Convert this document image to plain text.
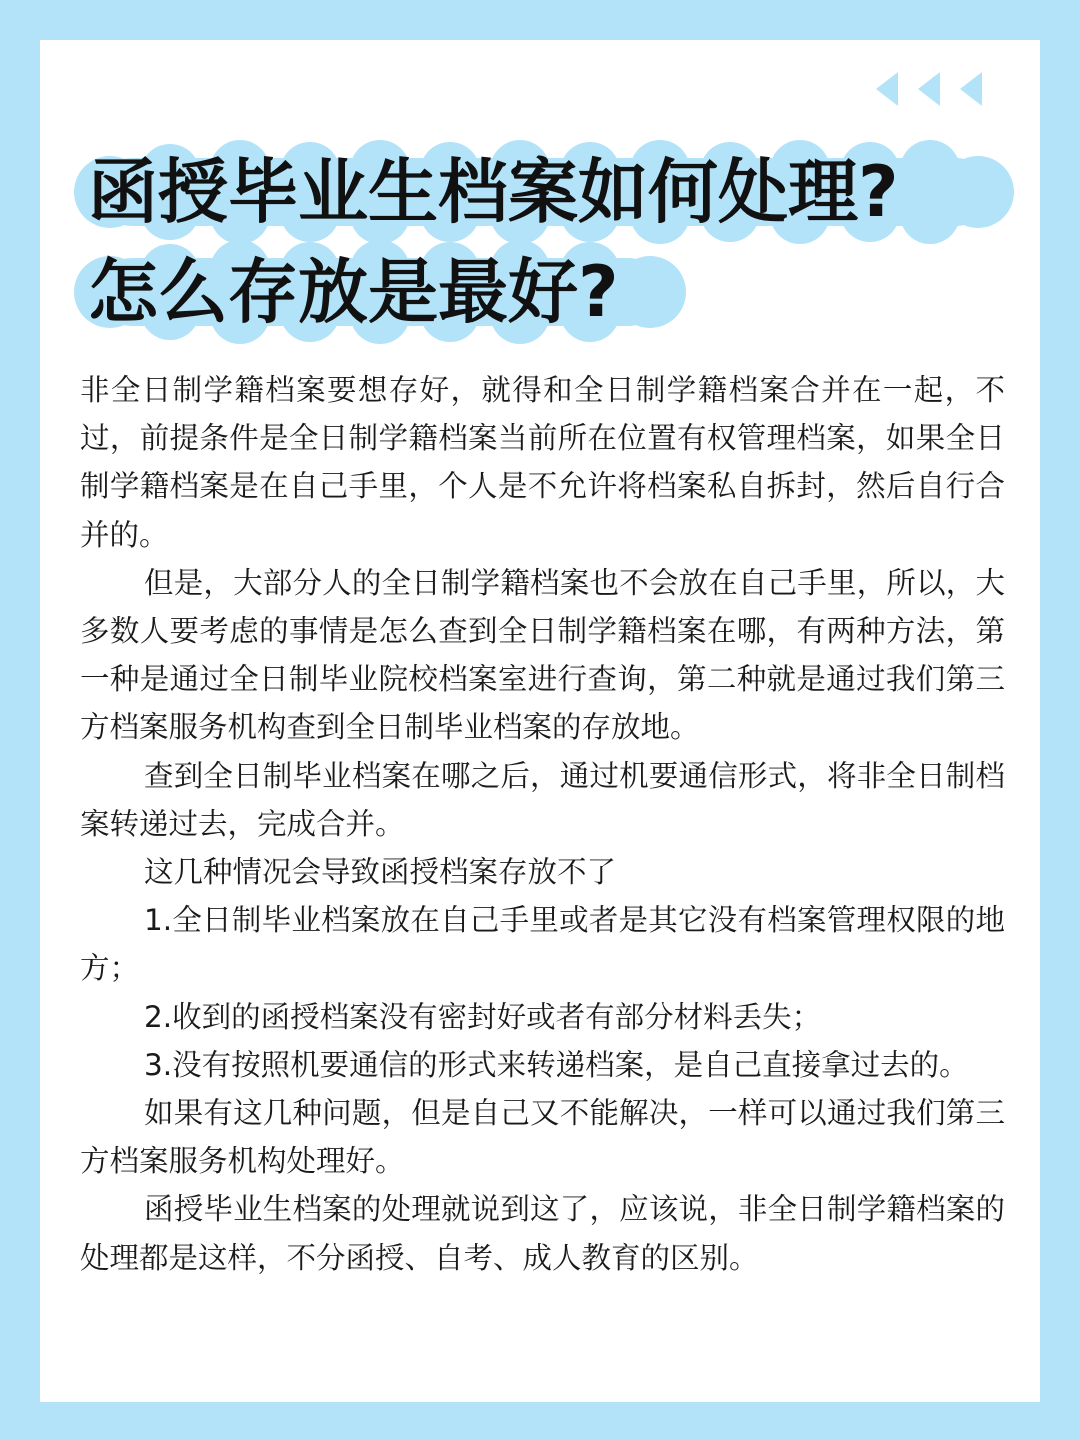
函授毕业生档案如何处理?
怎么存放是最好?

非全日制学籍档案要想存好，就得和全日制学籍档案合并在一起，不过，前提条件是全日制学籍档案当前所在位置有权管理档案，如果全日制学籍档案是在自己手里，个人是不允许将档案私自拆封，然后自行合并的。

但是，大部分人的全日制学籍档案也不会放在自己手里，所以，大多数人要考虑的事情是怎么查到全日制学籍档案在哪，有两种方法，第一种是通过全日制毕业院校档案室进行查询，第二种就是通过我们第三方档案服务机构查到全日制毕业档案的存放地。

查到全日制毕业档案在哪之后，通过机要通信形式，将非全日制档案转递过去，完成合并。

这几种情况会导致函授档案存放不了

1.全日制毕业档案放在自己手里或者是其它没有档案管理权限的地方；

2.收到的函授档案没有密封好或者有部分材料丢失；

3.没有按照机要通信的形式来转递档案，是自己直接拿过去的。

如果有这几种问题，但是自己又不能解决，一样可以通过我们第三方档案服务机构处理好。

函授毕业生档案的处理就说到这了，应该说，非全日制学籍档案的处理都是这样，不分函授、自考、成人教育的区别。
